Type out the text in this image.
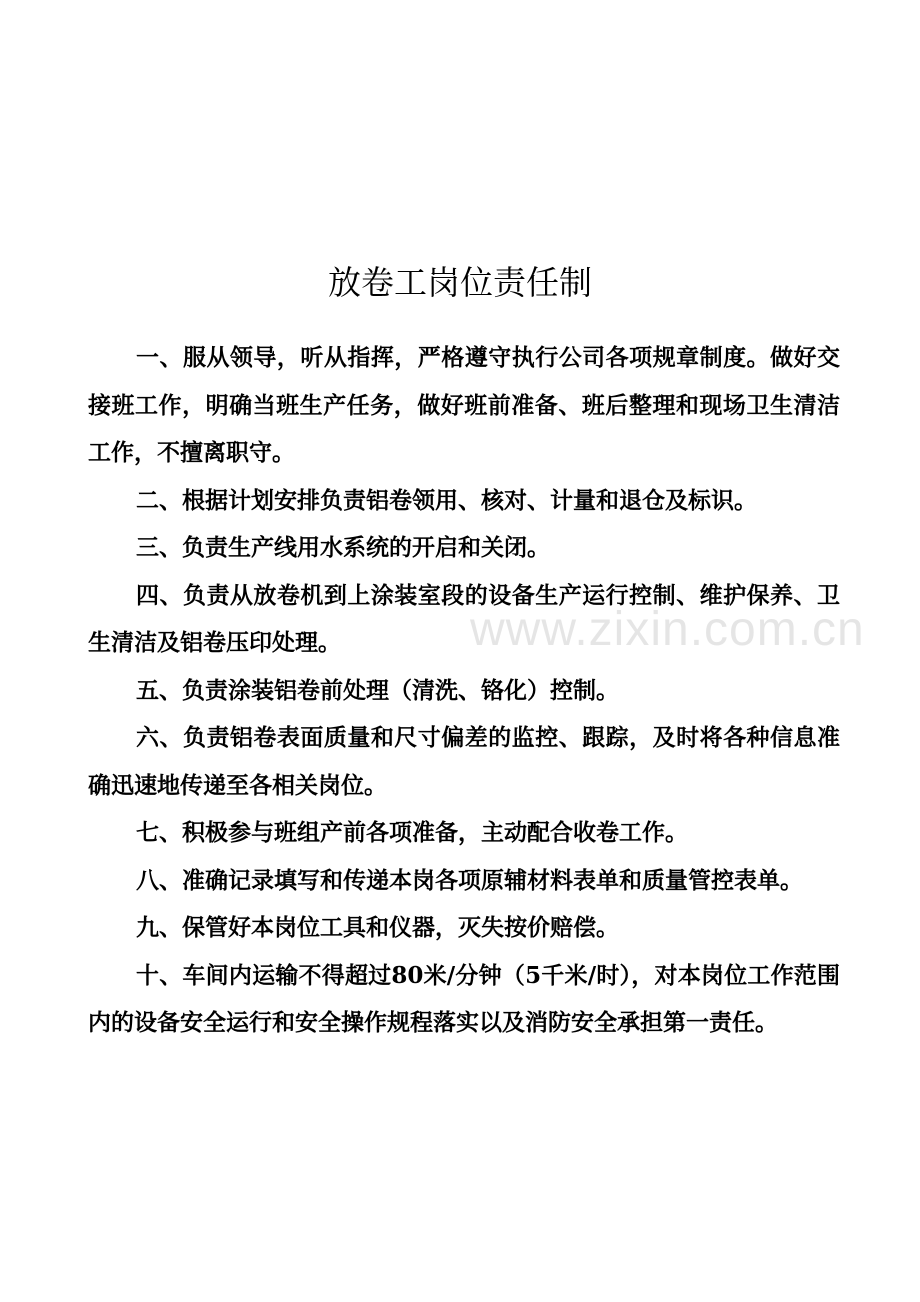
放卷工岗位责任制

一、服从领导，听从指挥，严格遵守执行公司各项规章制度。做好交接班工作，明确当班生产任务，做好班前准备、班后整理和现场卫生清洁工作，不擅离职守。

二、根据计划安排负责铝卷领用、核对、计量和退仓及标识。

三、负责生产线用水系统的开启和关闭。

四、负责从放卷机到上涂装室段的设备生产运行控制、维护保养、卫生清洁及铝卷压印处理。

五、负责涂装铝卷前处理（清洗、铬化）控制。

六、负责铝卷表面质量和尺寸偏差的监控、跟踪，及时将各种信息准确迅速地传递至各相关岗位。

七、积极参与班组产前各项准备，主动配合收卷工作。

八、准确记录填写和传递本岗各项原辅材料表单和质量管控表单。

九、保管好本岗位工具和仪器，灭失按价赔偿。

十、车间内运输不得超过80米/分钟（5千米/时），对本岗位工作范围内的设备安全运行和安全操作规程落实以及消防安全承担第一责任。

www.zixin.com.cn
